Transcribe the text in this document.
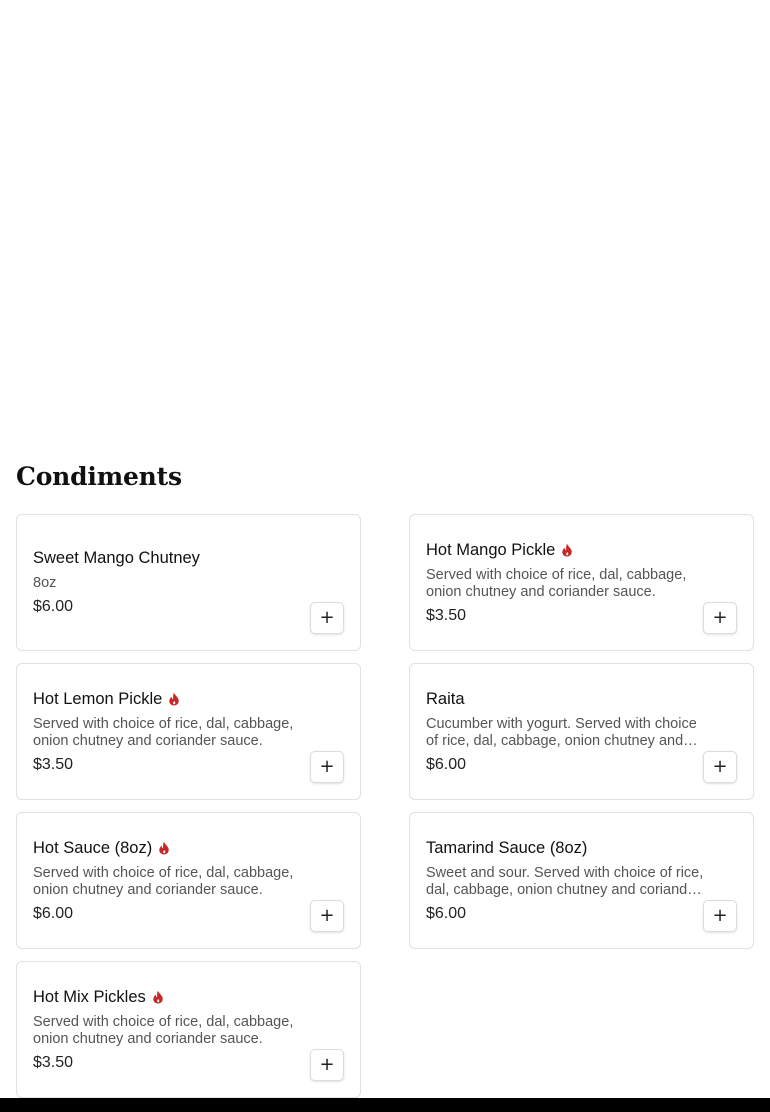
Condiments
Sweet Mango Chutney
8oz
$6.00
+
Hot Mango Pickle
Served with choice of rice, dal, cabbage, onion chutney and coriander sauce.
$3.50	+
Hot Lemon Pickle
Served with choice of rice, dal, cabbage, onion chutney and coriander sauce.
$3.50	+
Raita
Cucumber with yogurt. Served with choice of rice, dal, cabbage, onion chutney and
$6.00	+
Hot Sauce (8oz)
Served with choice of rice, dal, cabbage, onion chutney and coriander sauce.
$6.00	+
Tamarind Sauce (8oz)
Sweet and sour. Served with choice of rice, dal, cabbage, onion chutney and coriander
$6.00	+
Hot Mix Pickles
Served with choice of rice, dal, cabbage, onion chutney and coriander sauce.
$3.50	+
